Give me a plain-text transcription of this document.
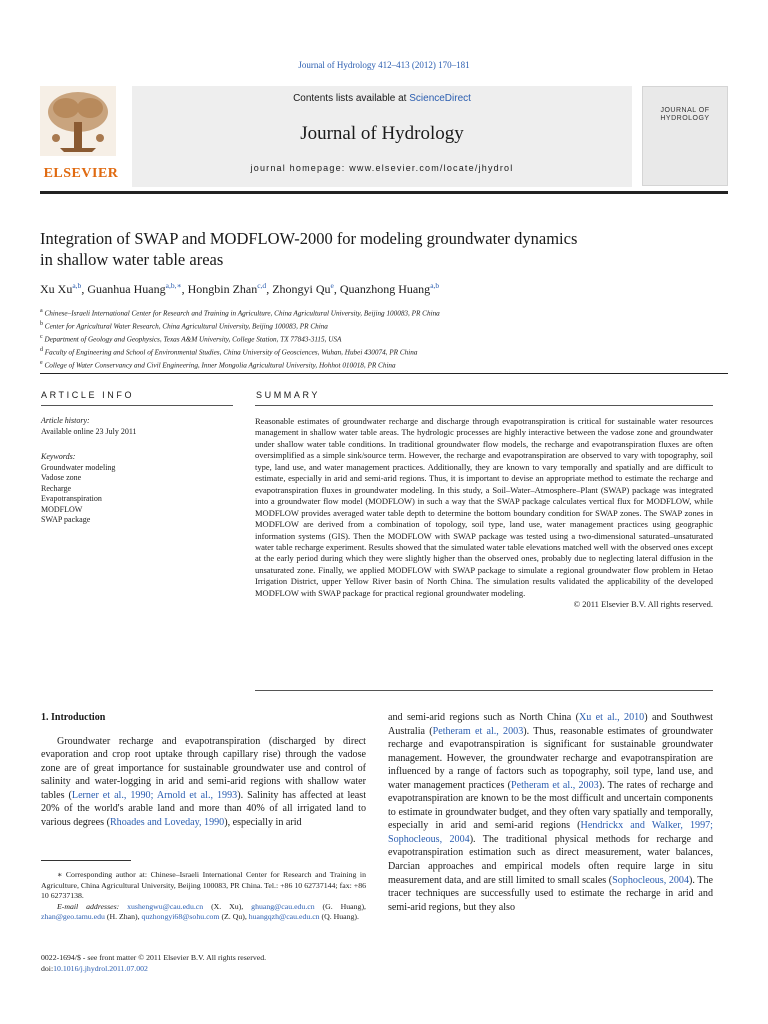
Journal of Hydrology 412–413 (2012) 170–181
ELSEVIER
Contents lists available at ScienceDirect
Journal of Hydrology
journal homepage: www.elsevier.com/locate/jhydrol
JOURNAL OF
HYDROLOGY
Integration of SWAP and MODFLOW-2000 for modeling groundwater dynamics
in shallow water table areas
Xu Xu$^{a,b}$, Guanhua Huang$^{a,b,∗}$, Hongbin Zhan$^{c,d}$, Zhongyi Qu$^e$, Quanzhong Huang$^{a,b}$
$^a$ Chinese–Israeli International Center for Research and Training in Agriculture, China Agricultural University, Beijing 100083, PR China
$^b$ Center for Agricultural Water Research, China Agricultural University, Beijing 100083, PR China
$^c$ Department of Geology and Geophysics, Texas A&M University, College Station, TX 77843-3115, USA
$^d$ Faculty of Engineering and School of Environmental Studies, China University of Geosciences, Wuhan, Hubei 430074, PR China
$^e$ College of Water Conservancy and Civil Engineering, Inner Mongolia Agricultural University, Hohhot 010018, PR China
ARTICLE INFO
Article history:
Available online 23 July 2011
Keywords:
Groundwater modeling
Vadose zone
Recharge
Evapotranspiration
MODFLOW
SWAP package
SUMMARY
Reasonable estimates of groundwater recharge and discharge through evapotranspiration is critical for sustainable water resources management in shallow water table areas. The hydrologic processes are highly interactive between the vadose zone and groundwater under shallow water table conditions. In traditional groundwater flow models, the recharge and evapotranspiration fluxes are often oversimplified as a simple sink/source term. However, the recharge and evapotranspiration are observed to vary with topography, soil type, land use, and water management practices. Additionally, they are known to vary temporally and spatially and are difficult to estimate, especially in arid and semi-arid regions. Thus, it is important to devise an appropriate method to estimate the recharge and evapotranspiration fluxes in groundwater modeling. In this study, a Soil–Water–Atmosphere–Plant (SWAP) package was integrated into a groundwater flow model (MODFLOW) in such a way that the SWAP package calculates vertical flux for MODFLOW, while MODFLOW provides averaged water table depth to determine the bottom boundary condition for SWAP zones. The SWAP zones in MODFLOW are derived from a combination of topology, soil type, land use, water management practices using geographic information systems (GIS). Then the MODFLOW with SWAP package was tested using a two-dimensional saturated–unsaturated water table recharge experiment. Results showed that the simulated water table elevations matched well with the observed ones except at the early period during which they were slightly higher than the observed ones, probably due to neglecting lateral diffusion in the unsaturated zone. Finally, we applied MODFLOW with SWAP package to simulate a regional groundwater flow problem in Hetao Irrigation District, upper Yellow River basin of North China. The simulation results validated the applicability of the developed MODFLOW with SWAP package for practical regional groundwater modeling.
© 2011 Elsevier B.V. All rights reserved.
1. Introduction
Groundwater recharge and evapotranspiration (discharged by direct evaporation and crop root uptake through capillary rise) through the vadose zone are of great importance for sustainable groundwater use and control of salinity and water-logging in arid and semi-arid regions with shallow water tables (Lerner et al., 1990; Arnold et al., 1993). Salinity has affected at least 20% of the world's arable land and more than 40% of all irrigated land to various degrees (Rhoades and Loveday, 1990), especially in arid

∗ Corresponding author at: Chinese–Israeli International Center for Research and Training in Agriculture, China Agricultural University, Beijing 100083, PR China. Tel.: +86 10 62737144; fax: +86 10 62737138.

E-mail addresses: xushengwu@cau.edu.cn (X. Xu), ghuang@cau.edu.cn (G. Huang), zhan@geo.tamu.edu (H. Zhan), quzhongyi68@sohu.com (Z. Qu), huangqzh@cau.edu.cn (Q. Huang).

0022-1694/$ - see front matter © 2011 Elsevier B.V. All rights reserved.
doi:10.1016/j.jhydrol.2011.07.002
and semi-arid regions such as North China (Xu et al., 2010) and Southwest Australia (Petheram et al., 2003). Thus, reasonable estimates of groundwater recharge and evapotranspiration is significant for sustainable groundwater management. However, the groundwater recharge and evapotranspiration are influenced by a range of factors such as topography, soil type, land use, and water management practices (Petheram et al., 2003). The rates of recharge and evapotranspiration are known to be the most difficult and uncertain components to estimate in groundwater budget, and they often vary spatially and temporally, especially in arid and semi-arid regions (Hendrickx and Walker, 1997; Sophocleous, 2004). The traditional physical methods for recharge and evapotranspiration estimation such as direct measurement, water balances, Darcian approaches and empirical models often require large in situ measurement data, and are still limited to small scales (Sophocleous, 2004). The tracer techniques are successfully used to estimate the recharge in arid and semi-arid regions, but they also
